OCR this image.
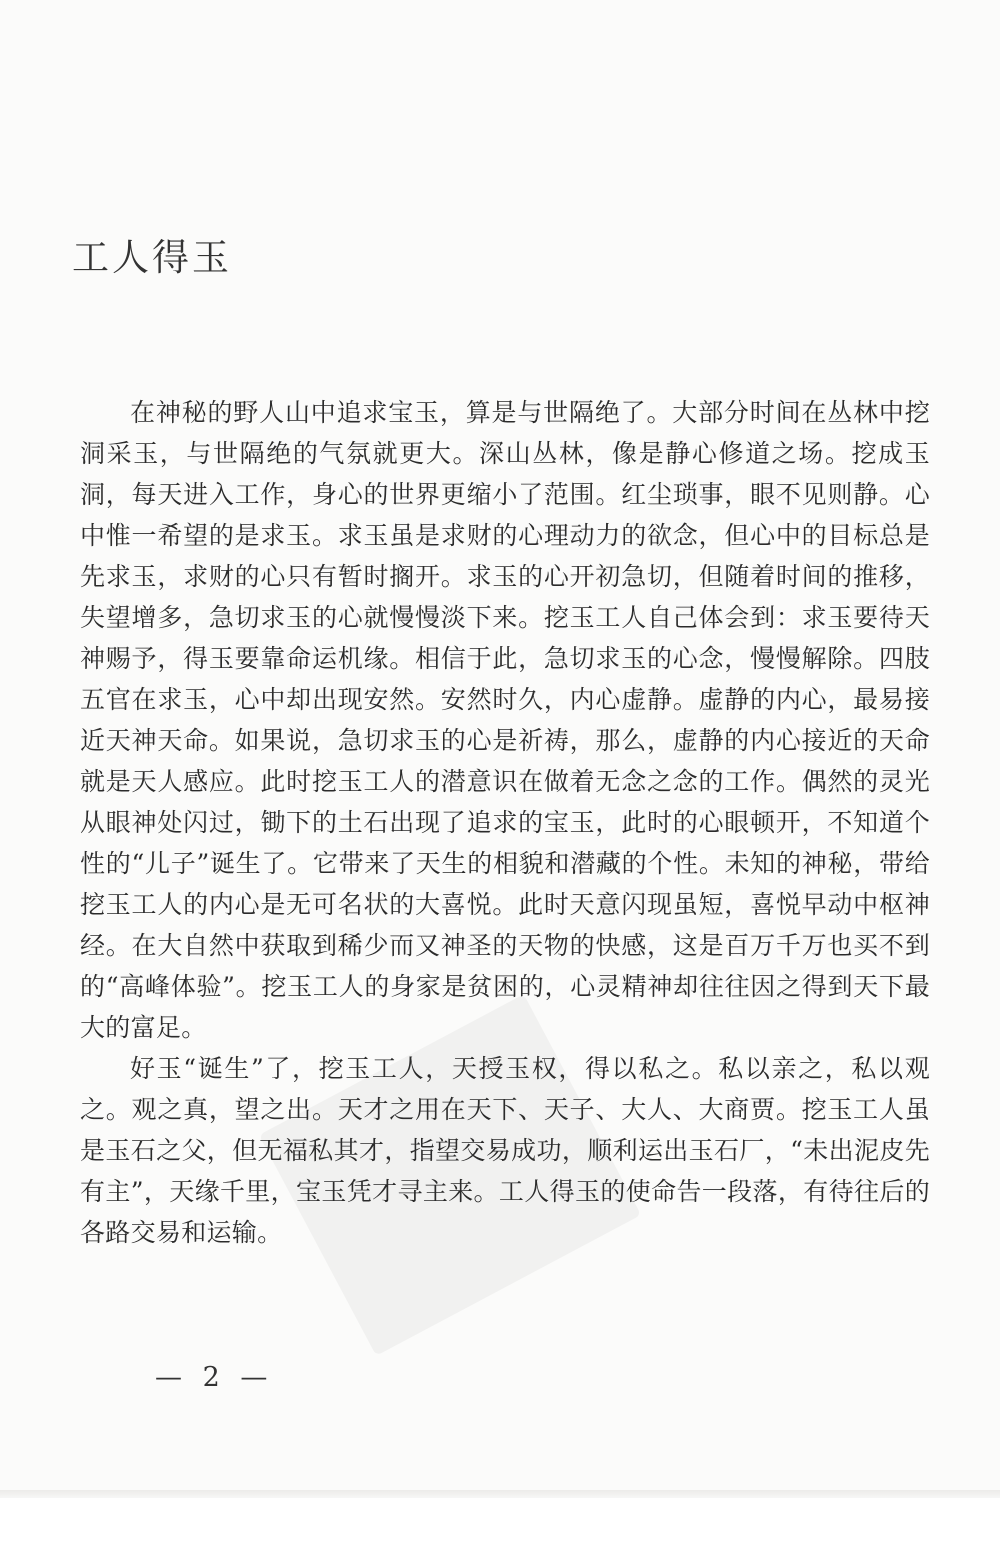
工人得玉

在神秘的野人山中追求宝玉，算是与世隔绝了。大部分时间在丛林中挖洞采玉，与世隔绝的气氛就更大。深山丛林，像是静心修道之场。挖成玉洞，每天进入工作，身心的世界更缩小了范围。红尘琐事，眼不见则静。心中惟一希望的是求玉。求玉虽是求财的心理动力的欲念，但心中的目标总是先求玉，求财的心只有暂时搁开。求玉的心开初急切，但随着时间的推移，失望增多，急切求玉的心就慢慢淡下来。挖玉工人自己体会到：求玉要待天神赐予，得玉要靠命运机缘。相信于此，急切求玉的心念，慢慢解除。四肢五官在求玉，心中却出现安然。安然时久，内心虚静。虚静的内心，最易接近天神天命。如果说，急切求玉的心是祈祷，那么，虚静的内心接近的天命就是天人感应。此时挖玉工人的潜意识在做着无念之念的工作。偶然的灵光从眼神处闪过，锄下的土石出现了追求的宝玉，此时的心眼顿开，不知道个性的“儿子”诞生了。它带来了天生的相貌和潜藏的个性。未知的神秘，带给挖玉工人的内心是无可名状的大喜悦。此时天意闪现虽短，喜悦早动中枢神经。在大自然中获取到稀少而又神圣的天物的快感，这是百万千万也买不到的“高峰体验”。挖玉工人的身家是贫困的，心灵精神却往往因之得到天下最大的富足。

好玉“诞生”了，挖玉工人，天授玉权，得以私之。私以亲之，私以观之。观之真，望之出。天才之用在天下、天子、大人、大商贾。挖玉工人虽是玉石之父，但无福私其才，指望交易成功，顺利运出玉石厂，“未出泥皮先有主”，天缘千里，宝玉凭才寻主来。工人得玉的使命告一段落，有待往后的各路交易和运输。

— 2 —
